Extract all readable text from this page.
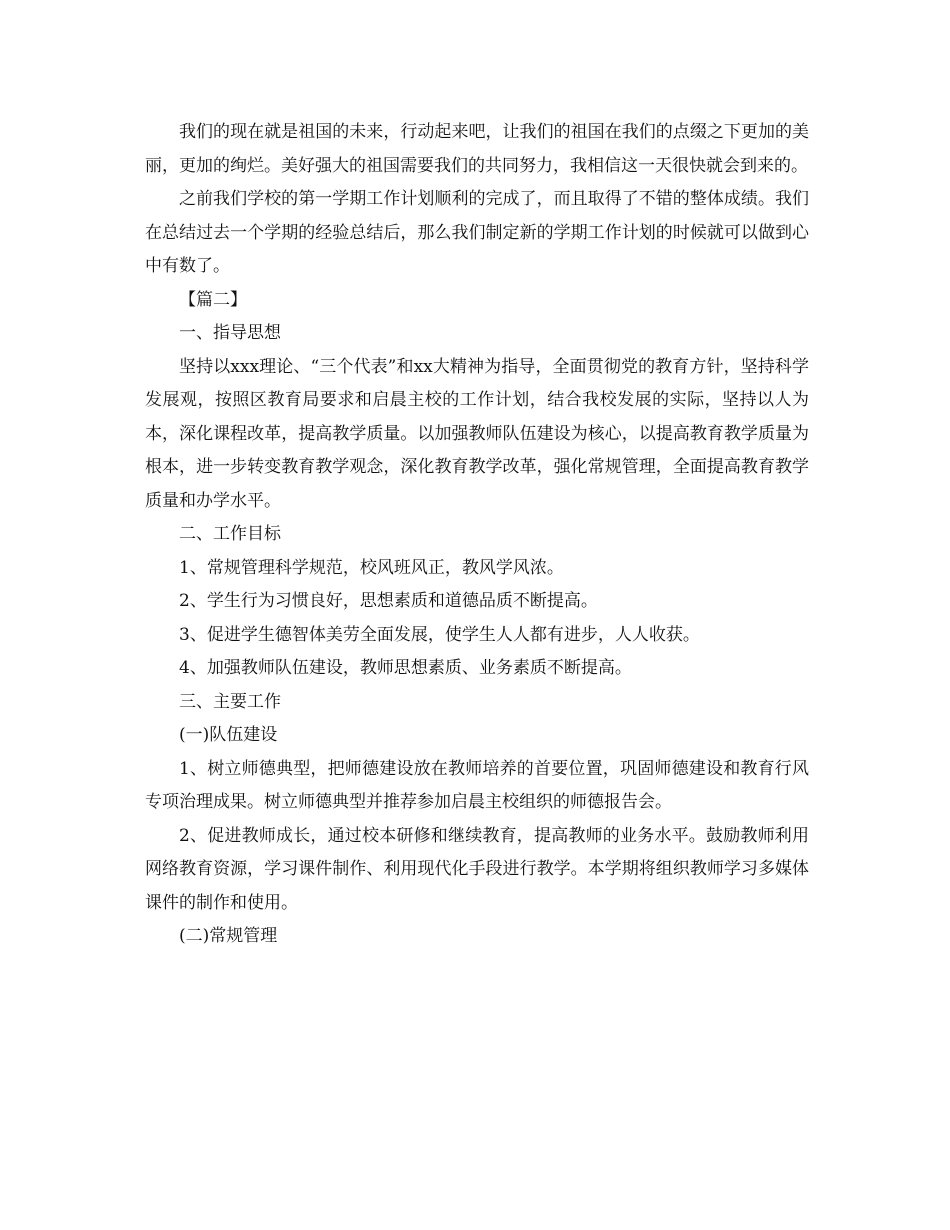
我们的现在就是祖国的未来，行动起来吧，让我们的祖国在我们的点缀之下更加的美丽，更加的绚烂。美好强大的祖国需要我们的共同努力，我相信这一天很快就会到来的。

之前我们学校的第一学期工作计划顺利的完成了，而且取得了不错的整体成绩。我们在总结过去一个学期的经验总结后，那么我们制定新的学期工作计划的时候就可以做到心中有数了。

【篇二】

一、指导思想

坚持以xxx理论、“三个代表”和xx大精神为指导，全面贯彻党的教育方针，坚持科学发展观，按照区教育局要求和启晨主校的工作计划，结合我校发展的实际，坚持以人为本，深化课程改革，提高教学质量。以加强教师队伍建设为核心，以提高教育教学质量为根本，进一步转变教育教学观念，深化教育教学改革，强化常规管理，全面提高教育教学质量和办学水平。

二、工作目标

1、常规管理科学规范，校风班风正，教风学风浓。

2、学生行为习惯良好，思想素质和道德品质不断提高。

3、促进学生德智体美劳全面发展，使学生人人都有进步，人人收获。

4、加强教师队伍建设，教师思想素质、业务素质不断提高。

三、主要工作

(一)队伍建设

1、树立师德典型，把师德建设放在教师培养的首要位置，巩固师德建设和教育行风专项治理成果。树立师德典型并推荐参加启晨主校组织的师德报告会。

2、促进教师成长，通过校本研修和继续教育，提高教师的业务水平。鼓励教师利用网络教育资源，学习课件制作、利用现代化手段进行教学。本学期将组织教师学习多媒体课件的制作和使用。

(二)常规管理
